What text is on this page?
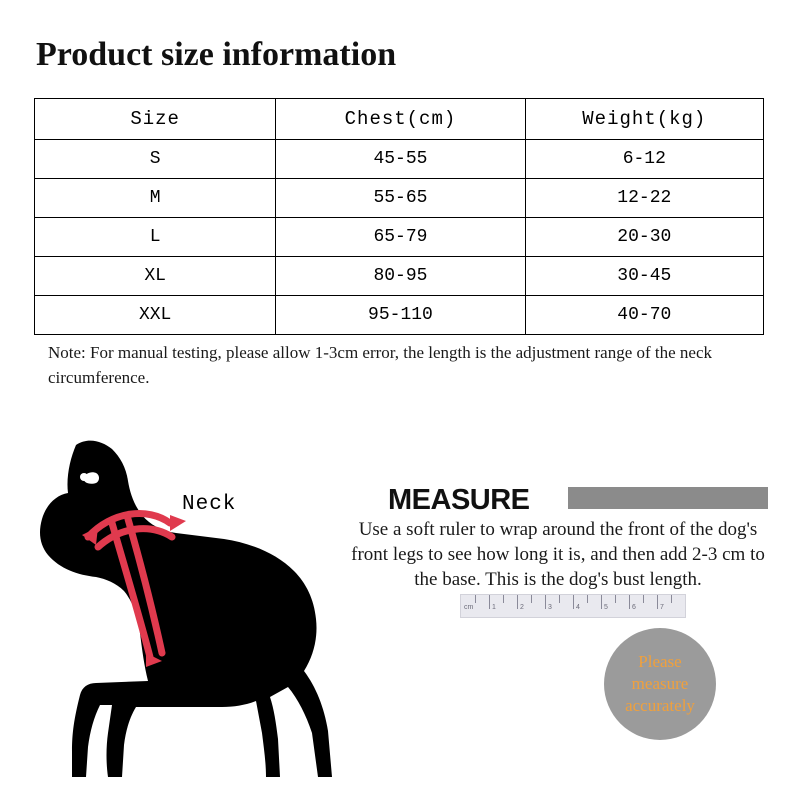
Product size information
Size	Chest(cm)	Weight(kg)
S	45-55	6-12
M	55-65	12-22
L	65-79	20-30
XL	80-95	30-45
XXL	95-110	40-70
Note: For manual testing, please allow 1-3cm error, the length is the adjustment range of the neck circumference.
Neck
Chest
MEASURE
Use a soft ruler to wrap around the front of the dog's front legs to see how long it is, and then add 2-3 cm to the base. This is the dog's bust length.
cm	1	2	3	4	5	6	7
Please
measure
accurately
